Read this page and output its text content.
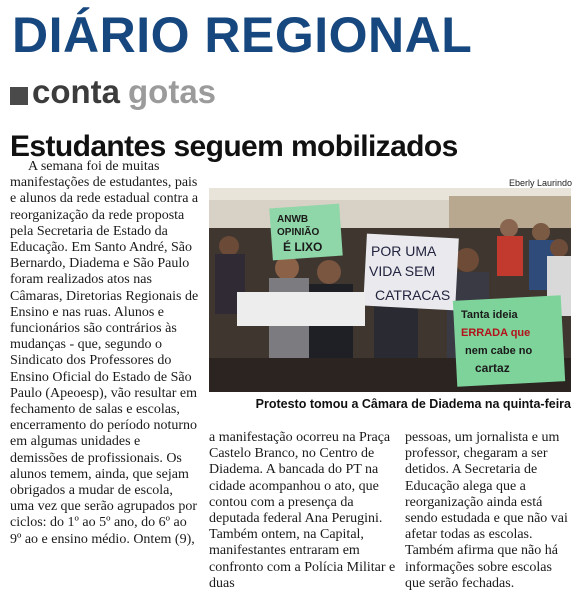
DIÁRIO REGIONAL
conta gotas
Estudantes seguem mobilizados

A semana foi de muitas manifestações de estudantes, pais e alunos da rede estadual contra a reorganização da rede proposta pela Secretaria de Estado da Educação. Em Santo André, São Bernardo, Diadema e São Paulo foram realizados atos nas Câmaras, Diretorias Regionais de Ensino e nas ruas. Alunos e funcionários são contrários às mudanças - que, segundo o Sindicato dos Professores do Ensino Oficial do Estado de São Paulo (Apeoesp), vão resultar em fechamento de salas e escolas, encerramento do período noturno em algumas unidades e demissões de profissionais. Os alunos temem, ainda, que sejam obrigados a mudar de escola, uma vez que serão agrupados por ciclos: do 1º ao 5º ano, do 6º ao 9º ao e ensino médio. Ontem (9),

Eberly Laurindo
ANWB
OPINIÃO
É LIXO	POR UMA
VIDA SEM
CATRACAS
Tanta ideia
ERRADA que
nem cabe no
cartaz
Protesto tomou a Câmara de Diadema na quinta-feira

a manifestação ocorreu na Praça Castelo Branco, no Centro de Diadema. A bancada do PT na cidade acompanhou o ato, que contou com a presença da deputada federal Ana Perugini. Também ontem, na Capital, manifestantes entraram em confronto com a Polícia Militar e duas

pessoas, um jornalista e um professor, chegaram a ser detidos. A Secretaria de Educação alega que a reorganização ainda está sendo estudada e que não vai afetar todas as escolas. Também afirma que não há informações sobre escolas que serão fechadas.
